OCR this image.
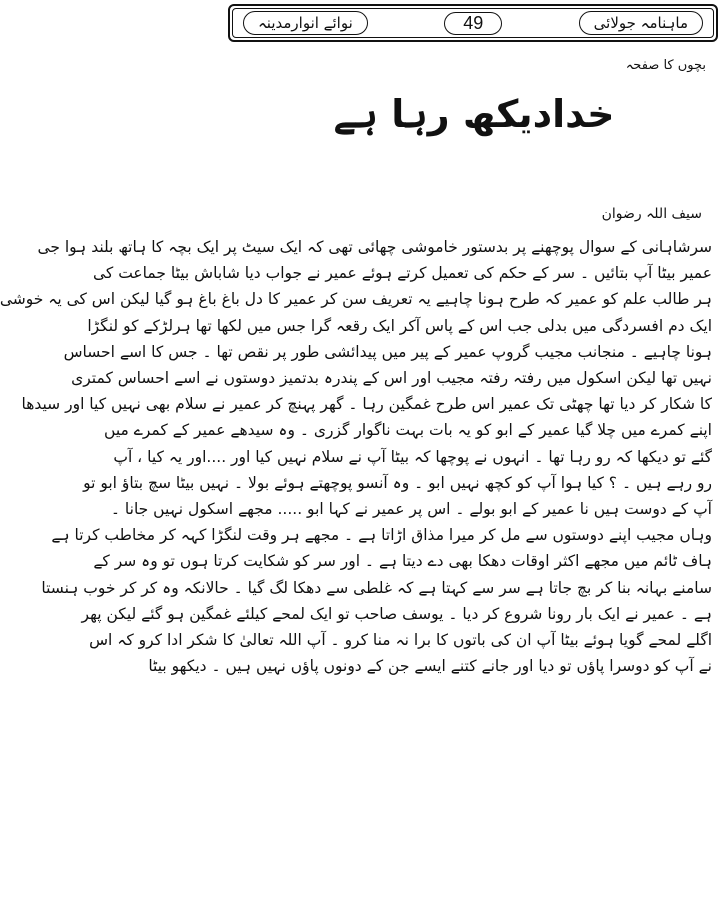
ماہنامہ جولائی
49
نوائے انوارمدینہ
بچوں کا صفحہ
خدادیکھ رہا ہے
سیف اللہ رضوان
سرشاہانی کے سوال پوچھنے پر بدستور خاموشی چھائی تھی کہ ایک سیٹ پر ایک بچہ کا ہاتھ بلند ہوا جی
عمیر بیٹا آپ بتائیں ۔ سر کے حکم کی تعمیل کرتے ہوئے عمیر نے جواب دیا شاباش بیٹا جماعت کی
ہر طالب علم کو عمیر کہ طرح ہونا چاہیے یہ تعریف سن کر عمیر کا دل باغ باغ ہو گیا لیکن اس کی یہ خوشی
ایک دم افسردگی میں بدلی جب اس کے پاس آکر ایک رقعہ گرا جس میں لکھا تھا ہرلڑکے کو لنگڑا
ہونا چاہیے ۔ منجانب مجیب گروپ عمیر کے پیر میں پیدائشی طور پر نقص تھا ۔ جس کا اسے احساس
نہیں تھا لیکن اسکول میں رفتہ رفتہ مجیب اور اس کے پندرہ بدتمیز دوستوں نے اسے احساس کمتری
کا شکار کر دیا تھا چھٹی تک عمیر اس طرح غمگین رہا ۔ گھر پہنچ کر عمیر نے سلام بھی نہیں کیا اور سیدھا
اپنے کمرے میں چلا گیا عمیر کے ابو کو یہ بات بہت ناگوار گزری ۔ وہ سیدھے عمیر کے کمرے میں
گئے تو دیکھا کہ رو رہا تھا ۔ انہوں نے پوچھا کہ بیٹا آپ نے سلام نہیں کیا اور ....اور یہ کیا ، آپ
رو رہے ہیں ۔ ؟ کیا ہوا آپ کو کچھ نہیں ابو ۔ وہ آنسو پوچھتے ہوئے بولا ۔ نہیں بیٹا سچ بتاؤ ابو تو
آپ کے دوست ہیں نا عمیر کے ابو بولے ۔ اس پر عمیر نے کہا ابو ..... مجھے اسکول نہیں جانا ۔
وہاں مجیب اپنے دوستوں سے مل کر میرا مذاق اڑاتا ہے ۔ مجھے ہر وقت لنگڑا کہہ کر مخاطب کرتا ہے
ہاف ٹائم میں مجھے اکثر اوقات دھکا بھی دے دیتا ہے ۔ اور سر کو شکایت کرتا ہوں تو وہ سر کے
سامنے بہانہ بنا کر بچ جاتا ہے سر سے کہتا ہے کہ غلطی سے دھکا لگ گیا ۔ حالانکہ وہ کر کر خوب ہنستا
ہے ۔ عمیر نے ایک بار رونا شروع کر دیا ۔ یوسف صاحب تو ایک لمحے کیلئے غمگین ہو گئے لیکن پھر
اگلے لمحے گویا ہوئے بیٹا آپ ان کی باتوں کا برا نہ منا کرو ۔ آپ اللہ تعالیٰ کا شکر ادا کرو کہ اس
نے آپ کو دوسرا پاؤں تو دیا اور جانے کتنے ایسے جن کے دونوں پاؤں نہیں ہیں ۔ دیکھو بیٹا
